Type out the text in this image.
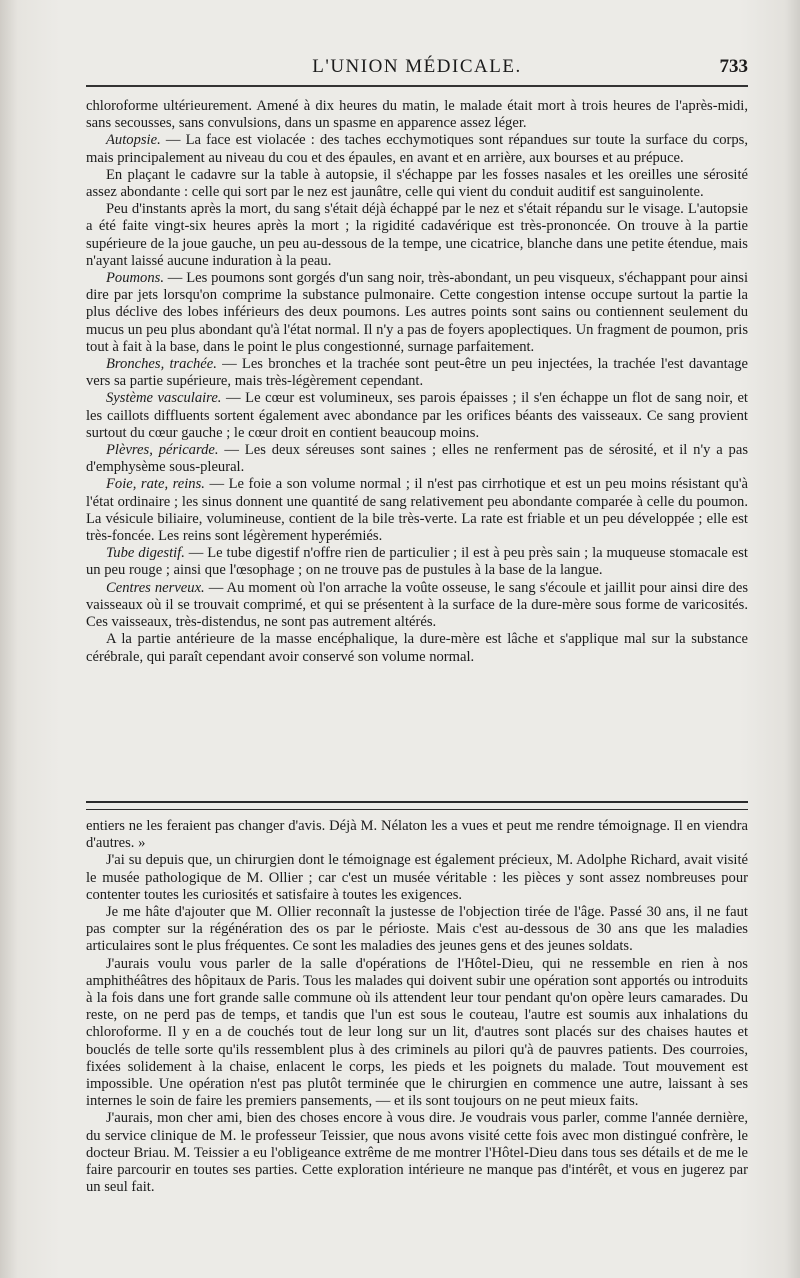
L'UNION MÉDICALE.	733

chloroforme ultérieurement. Amené à dix heures du matin, le malade était mort à trois heures de l'après-midi, sans secousses, sans convulsions, dans un spasme en apparence assez léger.

Autopsie. — La face est violacée : des taches ecchymotiques sont répandues sur toute la surface du corps, mais principalement au niveau du cou et des épaules, en avant et en arrière, aux bourses et au prépuce.

En plaçant le cadavre sur la table à autopsie, il s'échappe par les fosses nasales et les oreilles une sérosité assez abondante : celle qui sort par le nez est jaunâtre, celle qui vient du conduit auditif est sanguinolente.

Peu d'instants après la mort, du sang s'était déjà échappé par le nez et s'était répandu sur le visage. L'autopsie a été faite vingt-six heures après la mort ; la rigidité cadavérique est très-prononcée. On trouve à la partie supérieure de la joue gauche, un peu au-dessous de la tempe, une cicatrice, blanche dans une petite étendue, mais n'ayant laissé aucune induration à la peau.

Poumons. — Les poumons sont gorgés d'un sang noir, très-abondant, un peu visqueux, s'échappant pour ainsi dire par jets lorsqu'on comprime la substance pulmonaire. Cette congestion intense occupe surtout la partie la plus déclive des lobes inférieurs des deux poumons. Les autres points sont sains ou contiennent seulement du mucus un peu plus abondant qu'à l'état normal. Il n'y a pas de foyers apoplectiques. Un fragment de poumon, pris tout à fait à la base, dans le point le plus congestionné, surnage parfaitement.

Bronches, trachée. — Les bronches et la trachée sont peut-être un peu injectées, la trachée l'est davantage vers sa partie supérieure, mais très-légèrement cependant.

Système vasculaire. — Le cœur est volumineux, ses parois épaisses ; il s'en échappe un flot de sang noir, et les caillots diffluents sortent également avec abondance par les orifices béants des vaisseaux. Ce sang provient surtout du cœur gauche ; le cœur droit en contient beaucoup moins.

Plèvres, péricarde. — Les deux séreuses sont saines ; elles ne renferment pas de sérosité, et il n'y a pas d'emphysème sous-pleural.

Foie, rate, reins. — Le foie a son volume normal ; il n'est pas cirrhotique et est un peu moins résistant qu'à l'état ordinaire ; les sinus donnent une quantité de sang relativement peu abondante comparée à celle du poumon. La vésicule biliaire, volumineuse, contient de la bile très-verte. La rate est friable et un peu développée ; elle est très-foncée. Les reins sont légèrement hyperémiés.

Tube digestif. — Le tube digestif n'offre rien de particulier ; il est à peu près sain ; la muqueuse stomacale est un peu rouge ; ainsi que l'œsophage ; on ne trouve pas de pustules à la base de la langue.

Centres nerveux. — Au moment où l'on arrache la voûte osseuse, le sang s'écoule et jaillit pour ainsi dire des vaisseaux où il se trouvait comprimé, et qui se présentent à la surface de la dure-mère sous forme de varicosités. Ces vaisseaux, très-distendus, ne sont pas autrement altérés.

A la partie antérieure de la masse encéphalique, la dure-mère est lâche et s'applique mal sur la substance cérébrale, qui paraît cependant avoir conservé son volume normal.

entiers ne les feraient pas changer d'avis. Déjà M. Nélaton les a vues et peut me rendre témoignage. Il en viendra d'autres. »

J'ai su depuis que, un chirurgien dont le témoignage est également précieux, M. Adolphe Richard, avait visité le musée pathologique de M. Ollier ; car c'est un musée véritable : les pièces y sont assez nombreuses pour contenter toutes les curiosités et satisfaire à toutes les exigences.

Je me hâte d'ajouter que M. Ollier reconnaît la justesse de l'objection tirée de l'âge. Passé 30 ans, il ne faut pas compter sur la régénération des os par le périoste. Mais c'est au-dessous de 30 ans que les maladies articulaires sont le plus fréquentes. Ce sont les maladies des jeunes gens et des jeunes soldats.

J'aurais voulu vous parler de la salle d'opérations de l'Hôtel-Dieu, qui ne ressemble en rien à nos amphithéâtres des hôpitaux de Paris. Tous les malades qui doivent subir une opération sont apportés ou introduits à la fois dans une fort grande salle commune où ils attendent leur tour pendant qu'on opère leurs camarades. Du reste, on ne perd pas de temps, et tandis que l'un est sous le couteau, l'autre est soumis aux inhalations du chloroforme. Il y en a de couchés tout de leur long sur un lit, d'autres sont placés sur des chaises hautes et bouclés de telle sorte qu'ils ressemblent plus à des criminels au pilori qu'à de pauvres patients. Des courroies, fixées solidement à la chaise, enlacent le corps, les pieds et les poignets du malade. Tout mouvement est impossible. Une opération n'est pas plutôt terminée que le chirurgien en commence une autre, laissant à ses internes le soin de faire les premiers pansements, — et ils sont toujours on ne peut mieux faits.

J'aurais, mon cher ami, bien des choses encore à vous dire. Je voudrais vous parler, comme l'année dernière, du service clinique de M. le professeur Teissier, que nous avons visité cette fois avec mon distingué confrère, le docteur Briau. M. Teissier a eu l'obligeance extrême de me montrer l'Hôtel-Dieu dans tous ses détails et de me le faire parcourir en toutes ses parties. Cette exploration intérieure ne manque pas d'intérêt, et vous en jugerez par un seul fait.
